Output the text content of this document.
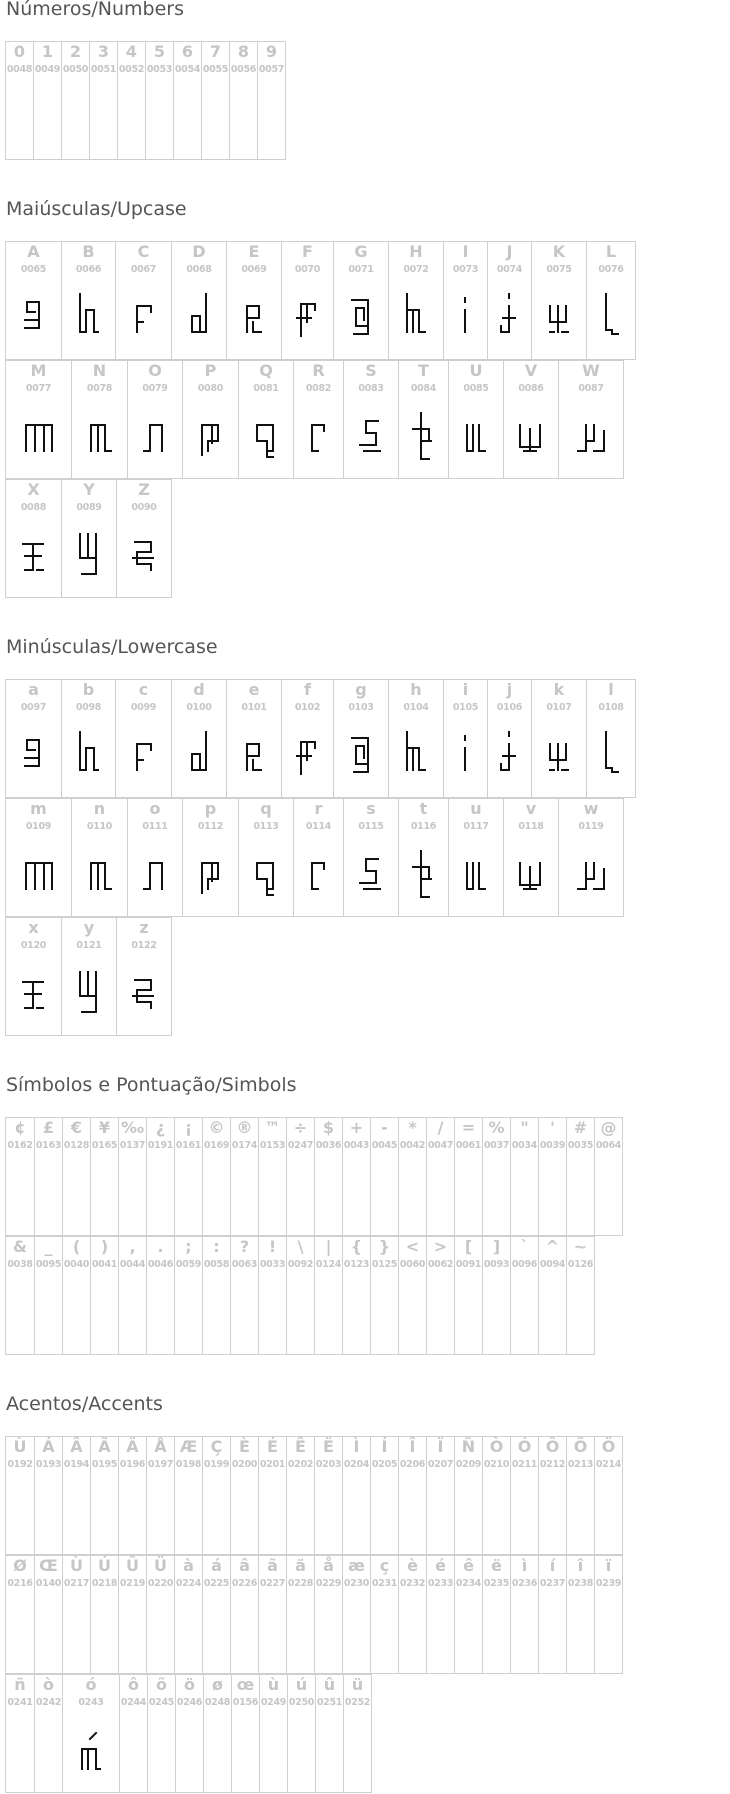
Números/Numbers
Maiúsculas/Upcase
Minúsculas/Lowercase
Símbolos e Pontuação/Simbols
Acentos/Accents
0
0048
1
0049
2
0050
3
0051
4
0052
5
0053
6
0054
7
0055
8
0056
9
0057
A
0065
B
0066
C
0067
D
0068
E
0069
F
0070
G
0071
H
0072
I
0073
J
0074
K
0075
L
0076
M
0077
N
0078
O
0079
P
0080
Q
0081
R
0082
S
0083
T
0084
U
0085
V
0086
W
0087
X
0088
Y
0089
Z
0090
a
0097
b
0098
c
0099
d
0100
e
0101
f
0102
g
0103
h
0104
i
0105
j
0106
k
0107
l
0108
m
0109
n
0110
o
0111
p
0112
q
0113
r
0114
s
0115
t
0116
u
0117
v
0118
w
0119
x
0120
y
0121
z
0122
¢
0162
£
0163
€
0128
¥
0165
‰
0137
¿
0191
¡
0161
©
0169
®
0174
™
0153
÷
0247
$
0036
+
0043
-
0045
*
0042
/
0047
=
0061
%
0037
"
0034
'
0039
#
0035
@
0064
&
0038
_
0095
(
0040
)
0041
,
0044
.
0046
;
0059
:
0058
?
0063
!
0033
\
0092
|
0124
{
0123
}
0125
<
0060
>
0062
[
0091
]
0093
`
0096
^
0094
~
0126
Ù
0192
Á
0193
Â
0194
Ã
0195
Ä
0196
Å
0197
Æ
0198
Ç
0199
È
0200
É
0201
Ê
0202
Ë
0203
Ì
0204
Í
0205
Î
0206
Ï
0207
Ñ
0209
Ò
0210
Ó
0211
Ô
0212
Õ
0213
Ö
0214
Ø
0216
Œ
0140
Ù
0217
Ú
0218
Û
0219
Ü
0220
à
0224
á
0225
â
0226
ã
0227
ä
0228
å
0229
æ
0230
ç
0231
è
0232
é
0233
ê
0234
ë
0235
ì
0236
í
0237
î
0238
ï
0239
ñ
0241
ò
0242
ó
0243
ô
0244
õ
0245
ö
0246
ø
0248
œ
0156
ù
0249
ú
0250
û
0251
ü
0252
